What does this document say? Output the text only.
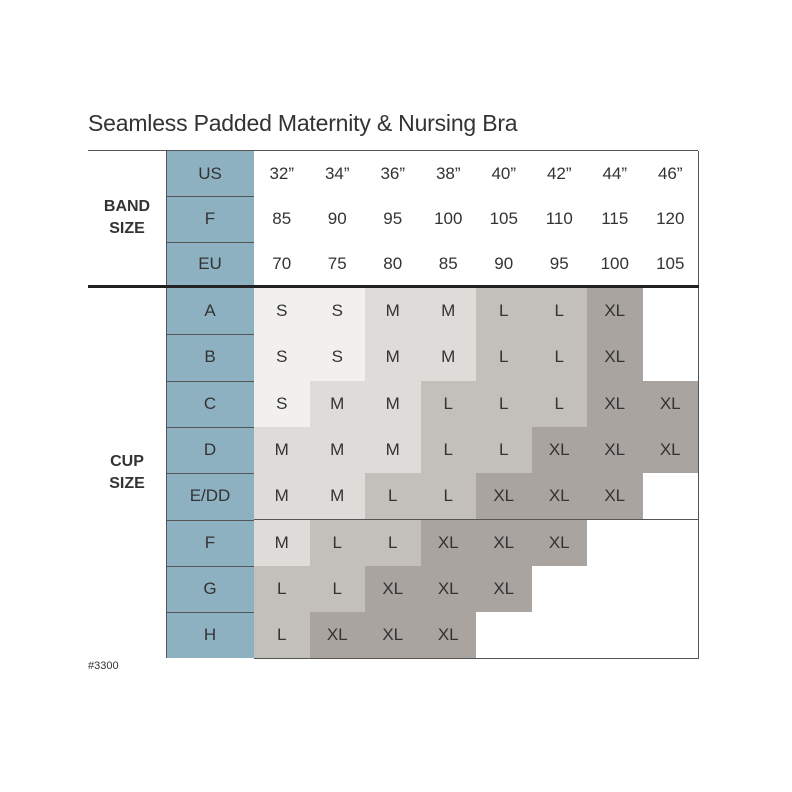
Seamless Padded Maternity & Nursing Bra
BAND
SIZE
CUP
SIZE
US	32”	34”	36”	38”	40”	42”	44”	46”
F	85	90	95	100	105	110	115	120
EU	70	75	80	85	90	95	100	105
A	S	S	M	M	L	L	XL
B	S	S	M	M	L	L	XL
C	S	M	M	L	L	L	XL	XL
D	M	M	M	L	L	XL	XL	XL
E/DD	M	M	L	L	XL	XL	XL
F	M	L	L	XL	XL	XL
G	L	L	XL	XL	XL
H	L	XL	XL	XL
#3300
